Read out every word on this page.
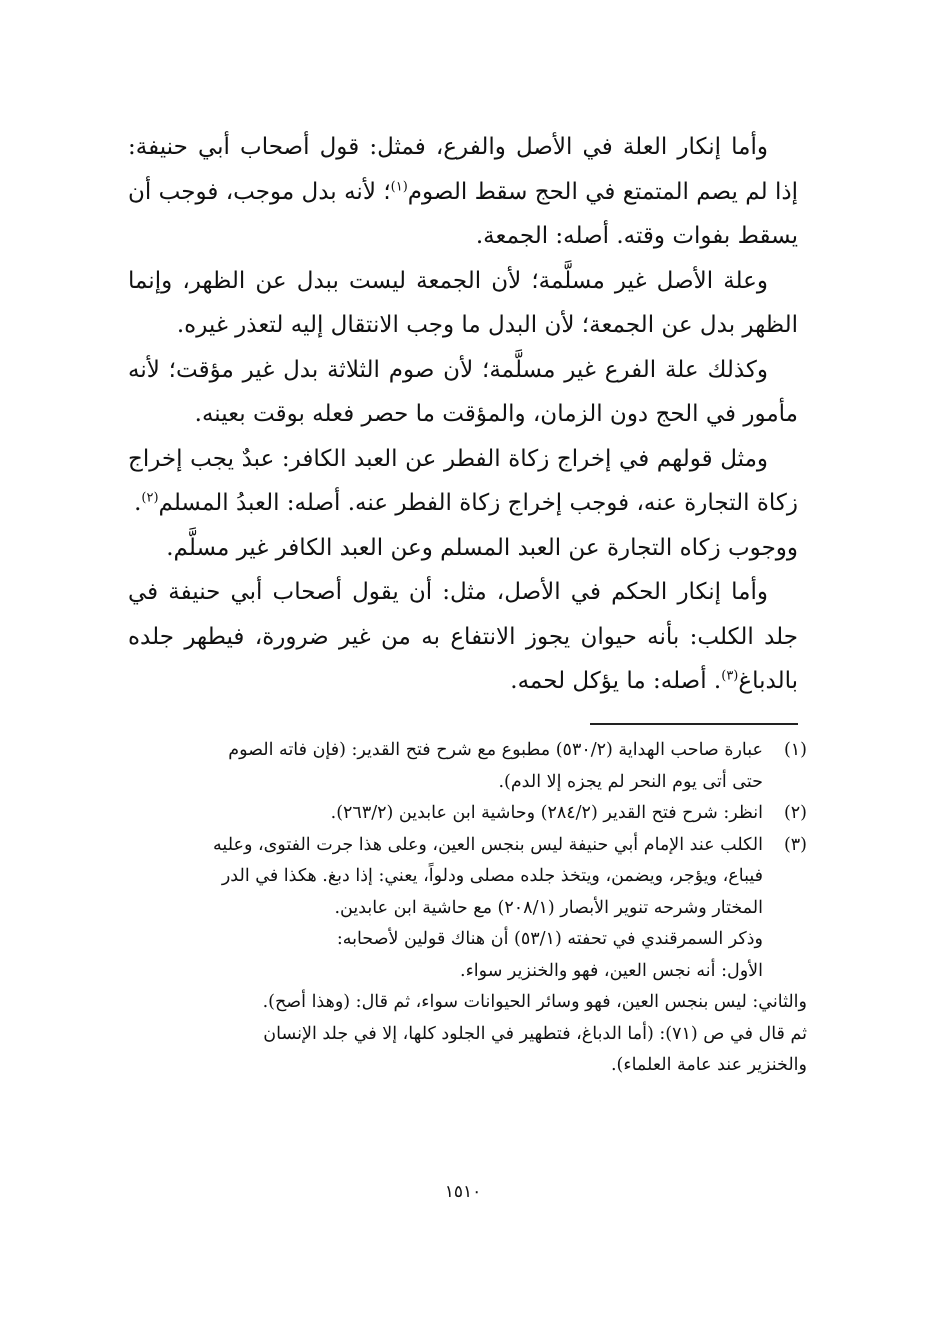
وأما إنكار العلة في الأصل والفرع، فمثل: قول أصحاب أبي حنيفة: إذا لم يصم المتمتع في الحج سقط الصوم$^{(١)}$؛ لأنه بدل موجب، فوجب أن يسقط بفوات وقته. أصله: الجمعة.

وعلة الأصل غير مسلَّمة؛ لأن الجمعة ليست ببدل عن الظهر، وإنما الظهر بدل عن الجمعة؛ لأن البدل ما وجب الانتقال إليه لتعذر غيره.

وكذلك علة الفرع غير مسلَّمة؛ لأن صوم الثلاثة بدل غير مؤقت؛ لأنه مأمور في الحج دون الزمان، والمؤقت ما حصر فعله بوقت بعينه.

ومثل قولهم في إخراج زكاة الفطر عن العبد الكافر: عبدٌ يجب إخراج زكاة التجارة عنه، فوجب إخراج زكاة الفطر عنه. أصله: العبدُ المسلم$^{(٢)}$.

ووجوب زكاه التجارة عن العبد المسلم وعن العبد الكافر غير مسلَّم.

وأما إنكار الحكم في الأصل، مثل: أن يقول أصحاب أبي حنيفة في جلد الكلب: بأنه حيوان يجوز الانتفاع به من غير ضرورة، فيطهر جلده بالدباغ$^{(٣)}$. أصله: ما يؤكل لحمه.

(١)
عبارة صاحب الهداية (٥٣٠/٢) مطبوع مع شرح فتح القدير: (فإن فاته الصوم
حتى أتى يوم النحر لم يجزه إلا الدم).
(٢)
انظر: شرح فتح القدير (٢٨٤/٢) وحاشية ابن عابدين (٢٦٣/٢).
(٣)
الكلب عند الإمام أبي حنيفة ليس بنجس العين، وعلى هذا جرت الفتوى، وعليه
فيباع، ويؤجر، ويضمن، ويتخذ جلده مصلى ودلواً، يعني: إذا دبغ. هكذا في الدر
المختار وشرحه تنوير الأبصار (٢٠٨/١) مع حاشية ابن عابدين.
وذكر السمرقندي في تحفته (٥٣/١) أن هناك قولين لأصحابه:
الأول: أنه نجس العين، فهو والخنزير سواء.
والثاني: ليس بنجس العين، فهو وسائر الحيوانات سواء، ثم قال: (وهذا أصح).
ثم قال في ص (٧١): (أما الدباغ، فتطهير في الجلود كلها، إلا في جلد الإنسان
والخنزير عند عامة العلماء).
١٥١٠
